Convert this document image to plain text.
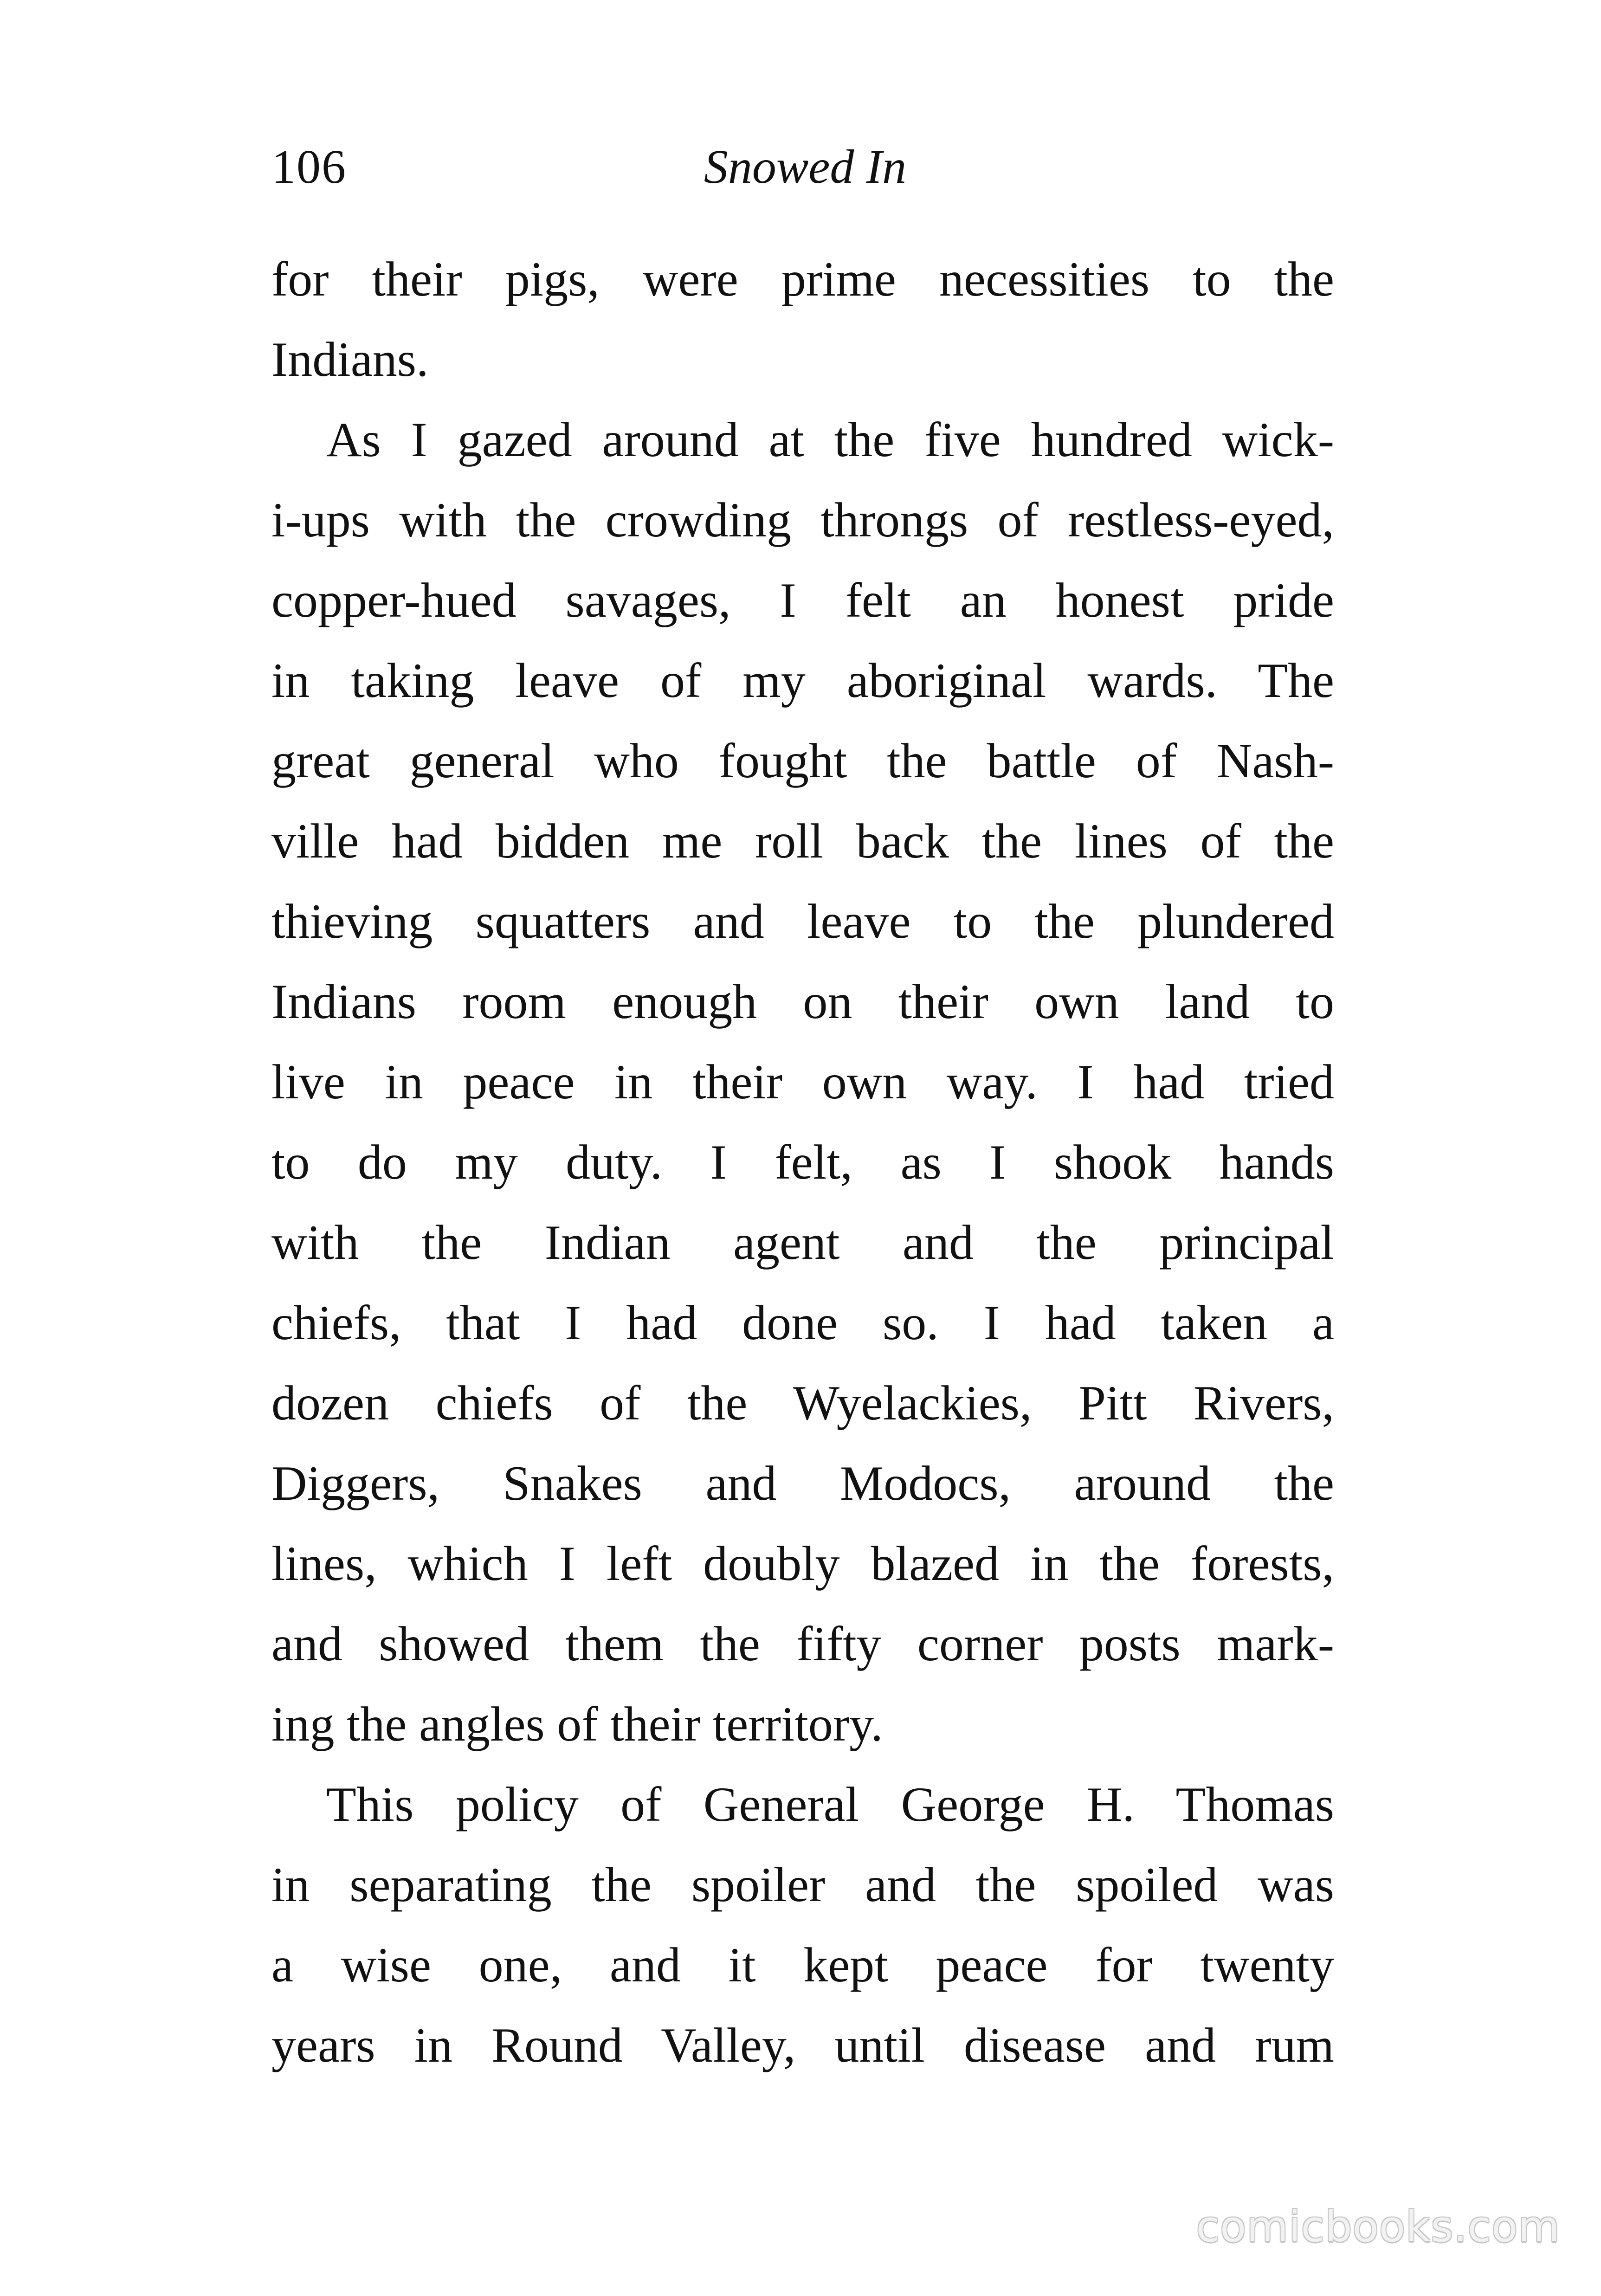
106	Snowed In
for their pigs, were prime necessities to the
Indians.
As I gazed around at the five hundred wick-
i-ups with the crowding throngs of restless-eyed,
copper-hued savages, I felt an honest pride
in taking leave of my aboriginal wards. The
great general who fought the battle of Nash-
ville had bidden me roll back the lines of the
thieving squatters and leave to the plundered
Indians room enough on their own land to
live in peace in their own way. I had tried
to do my duty. I felt, as I shook hands
with the Indian agent and the principal
chiefs, that I had done so. I had taken a
dozen chiefs of the Wyelackies, Pitt Rivers,
Diggers, Snakes and Modocs, around the
lines, which I left doubly blazed in the forests,
and showed them the fifty corner posts mark-
ing the angles of their territory.
This policy of General George H. Thomas
in separating the spoiler and the spoiled was
a wise one, and it kept peace for twenty
years in Round Valley, until disease and rum
comicbooks.com
